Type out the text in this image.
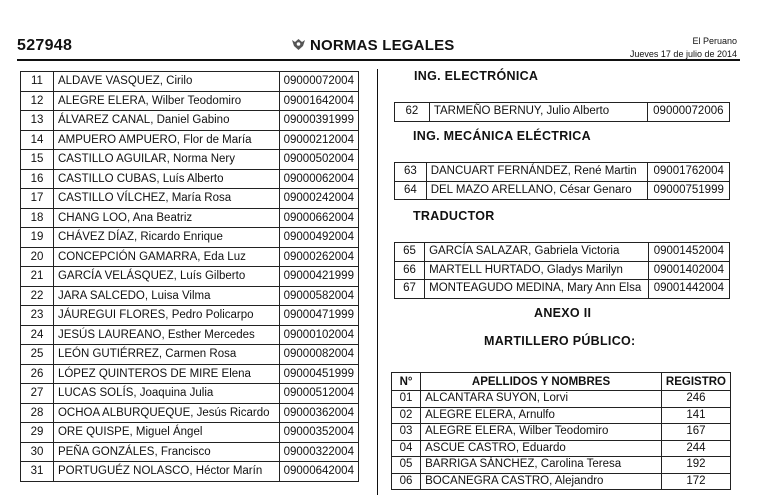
527948	NORMAS LEGALES	El Peruano
Jueves 17 de julio de 2014
11	ALDAVE VASQUEZ, Cirilo	09000072004
12	ALEGRE ELERA, Wilber Teodomiro	09001642004
13	ÁLVAREZ CANAL, Daniel Gabino	09000391999
14	AMPUERO AMPUERO, Flor de María	09000212004
15	CASTILLO AGUILAR, Norma Nery	09000502004
16	CASTILLO CUBAS, Luís Alberto	09000062004
17	CASTILLO VÍLCHEZ, María Rosa	09000242004
18	CHANG LOO, Ana Beatriz	09000662004
19	CHÁVEZ DÍAZ, Ricardo Enrique	09000492004
20	CONCEPCIÓN GAMARRA, Eda Luz	09000262004
21	GARCÍA VELÁSQUEZ, Luís Gilberto	09000421999
22	JARA SALCEDO, Luisa Vilma	09000582004
23	JÁUREGUI FLORES, Pedro Policarpo	09000471999
24	JESÚS LAUREANO, Esther Mercedes	09000102004
25	LEÓN GUTIÉRREZ, Carmen Rosa	09000082004
26	LÓPEZ QUINTEROS DE MIRE Elena	09000451999
27	LUCAS SOLÍS, Joaquina Julia	09000512004
28	OCHOA ALBURQUEQUE, Jesús Ricardo	09000362004
29	ORE QUISPE, Miguel Ángel	09000352004
30	PEÑA GONZÁLES, Francisco	09000322004
31	PORTUGUÉZ NOLASCO, Héctor Marín	09000642004
ING. ELECTRÓNICA
62	TARMEÑO BERNUY, Julio Alberto	09000072006
ING. MECÁNICA ELÉCTRICA
63	DANCUART FERNÁNDEZ, René Martin	09001762004
64	DEL MAZO ARELLANO, César Genaro	09000751999
TRADUCTOR
65	GARCÍA SALAZAR, Gabriela Victoria	09001452004
66	MARTELL HURTADO, Gladys Marilyn	09001402004
67	MONTEAGUDO MEDINA, Mary Ann Elsa	09001442004
ANEXO II
MARTILLERO PÚBLICO:
N°	APELLIDOS Y NOMBRES	REGISTRO
01	ALCANTARA SUYON, Lorvi	246
02	ALEGRE ELERA, Arnulfo	141
03	ALEGRE ELERA, Wilber Teodomiro	167
04	ASCUE CASTRO, Eduardo	244
05	BARRIGA SÁNCHEZ, Carolina Teresa	192
06	BOCANEGRA CASTRO, Alejandro	172
